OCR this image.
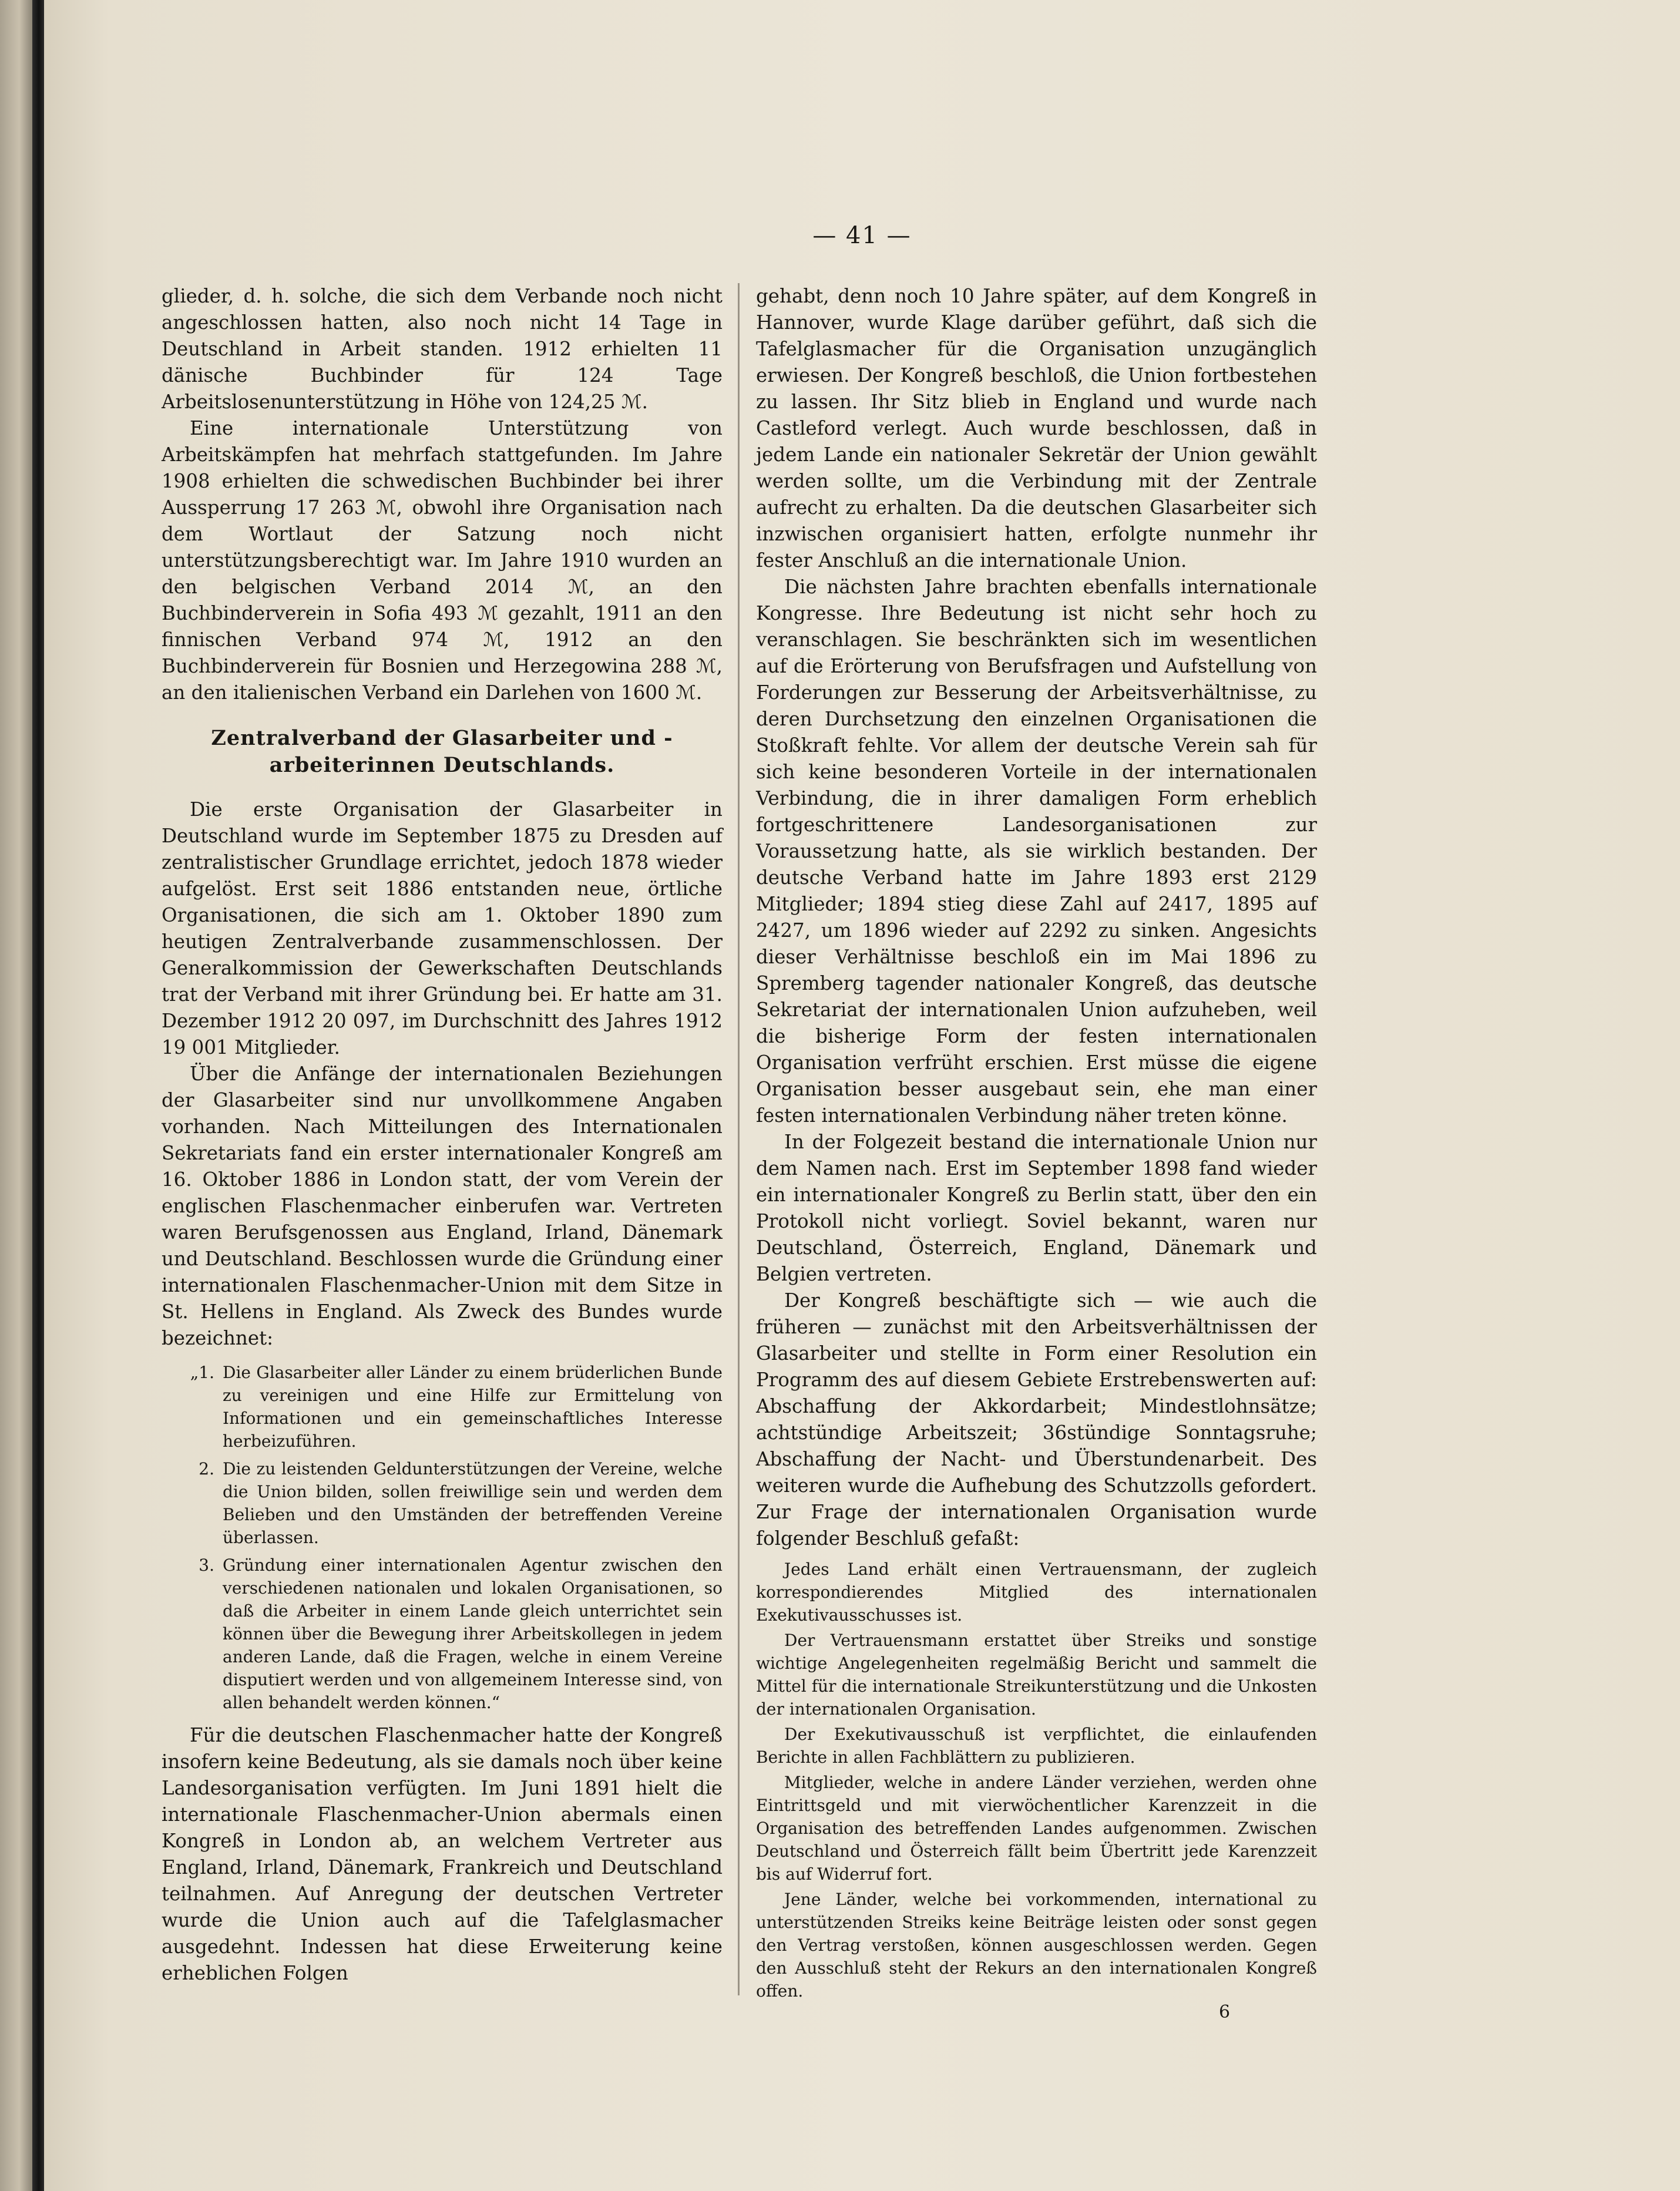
— 41 —

glieder, d. h. solche, die sich dem Verbande noch nicht angeschlossen hatten, also noch nicht 14 Tage in Deutschland in Arbeit standen. 1912 erhielten 11 dänische Buchbinder für 124 Tage Arbeitslosenunterstützung in Höhe von 124,25 ℳ.

Eine internationale Unterstützung von Arbeitskämpfen hat mehrfach stattgefunden. Im Jahre 1908 erhielten die schwedischen Buchbinder bei ihrer Aussperrung 17 263 ℳ, obwohl ihre Organisation nach dem Wortlaut der Satzung noch nicht unterstützungsberechtigt war. Im Jahre 1910 wurden an den belgischen Verband 2014 ℳ, an den Buchbinderverein in Sofia 493 ℳ gezahlt, 1911 an den finnischen Verband 974 ℳ, 1912 an den Buchbinderverein für Bosnien und Herzegowina 288 ℳ, an den italienischen Verband ein Darlehen von 1600 ℳ.

Zentralverband der Glasarbeiter und -arbeiterinnen Deutschlands.

Die erste Organisation der Glasarbeiter in Deutschland wurde im September 1875 zu Dresden auf zentralistischer Grundlage errichtet, jedoch 1878 wieder aufgelöst. Erst seit 1886 entstanden neue, örtliche Organisationen, die sich am 1. Oktober 1890 zum heutigen Zentralverbande zusammenschlossen. Der Generalkommission der Gewerkschaften Deutschlands trat der Verband mit ihrer Gründung bei. Er hatte am 31. Dezember 1912 20 097, im Durchschnitt des Jahres 1912 19 001 Mitglieder.

Über die Anfänge der internationalen Beziehungen der Glasarbeiter sind nur unvollkommene Angaben vorhanden. Nach Mitteilungen des Internationalen Sekretariats fand ein erster internationaler Kongreß am 16. Oktober 1886 in London statt, der vom Verein der englischen Flaschenmacher einberufen war. Vertreten waren Berufsgenossen aus England, Irland, Dänemark und Deutschland. Beschlossen wurde die Gründung einer internationalen Flaschenmacher-Union mit dem Sitze in St. Hellens in England. Als Zweck des Bundes wurde bezeichnet:

„1. Die Glasarbeiter aller Länder zu einem brüderlichen Bunde zu vereinigen und eine Hilfe zur Ermittelung von Informationen und ein gemeinschaftliches Interesse herbeizuführen.
2. Die zu leistenden Geldunterstützungen der Vereine, welche die Union bilden, sollen freiwillige sein und werden dem Belieben und den Umständen der betreffenden Vereine überlassen.
3. Gründung einer internationalen Agentur zwischen den verschiedenen nationalen und lokalen Organisationen, so daß die Arbeiter in einem Lande gleich unterrichtet sein können über die Bewegung ihrer Arbeitskollegen in jedem anderen Lande, daß die Fragen, welche in einem Vereine disputiert werden und von allgemeinem Interesse sind, von allen behandelt werden können.“

Für die deutschen Flaschenmacher hatte der Kongreß insofern keine Bedeutung, als sie damals noch über keine Landesorganisation verfügten. Im Juni 1891 hielt die internationale Flaschenmacher-Union abermals einen Kongreß in London ab, an welchem Vertreter aus England, Irland, Dänemark, Frankreich und Deutschland teilnahmen. Auf Anregung der deutschen Vertreter wurde die Union auch auf die Tafelglasmacher ausgedehnt. Indessen hat diese Erweiterung keine erheblichen Folgen

gehabt, denn noch 10 Jahre später, auf dem Kongreß in Hannover, wurde Klage darüber geführt, daß sich die Tafelglasmacher für die Organisation unzugänglich erwiesen. Der Kongreß beschloß, die Union fortbestehen zu lassen. Ihr Sitz blieb in England und wurde nach Castleford verlegt. Auch wurde beschlossen, daß in jedem Lande ein nationaler Sekretär der Union gewählt werden sollte, um die Verbindung mit der Zentrale aufrecht zu erhalten. Da die deutschen Glasarbeiter sich inzwischen organisiert hatten, erfolgte nunmehr ihr fester Anschluß an die internationale Union.

Die nächsten Jahre brachten ebenfalls internationale Kongresse. Ihre Bedeutung ist nicht sehr hoch zu veranschlagen. Sie beschränkten sich im wesentlichen auf die Erörterung von Berufsfragen und Aufstellung von Forderungen zur Besserung der Arbeitsverhältnisse, zu deren Durchsetzung den einzelnen Organisationen die Stoßkraft fehlte. Vor allem der deutsche Verein sah für sich keine besonderen Vorteile in der internationalen Verbindung, die in ihrer damaligen Form erheblich fortgeschrittenere Landesorganisationen zur Voraussetzung hatte, als sie wirklich bestanden. Der deutsche Verband hatte im Jahre 1893 erst 2129 Mitglieder; 1894 stieg diese Zahl auf 2417, 1895 auf 2427, um 1896 wieder auf 2292 zu sinken. Angesichts dieser Verhältnisse beschloß ein im Mai 1896 zu Spremberg tagender nationaler Kongreß, das deutsche Sekretariat der internationalen Union aufzuheben, weil die bisherige Form der festen internationalen Organisation verfrüht erschien. Erst müsse die eigene Organisation besser ausgebaut sein, ehe man einer festen internationalen Verbindung näher treten könne.

In der Folgezeit bestand die internationale Union nur dem Namen nach. Erst im September 1898 fand wieder ein internationaler Kongreß zu Berlin statt, über den ein Protokoll nicht vorliegt. Soviel bekannt, waren nur Deutschland, Österreich, England, Dänemark und Belgien vertreten.

Der Kongreß beschäftigte sich — wie auch die früheren — zunächst mit den Arbeitsverhältnissen der Glasarbeiter und stellte in Form einer Resolution ein Programm des auf diesem Gebiete Erstrebenswerten auf: Abschaffung der Akkordarbeit; Mindestlohnsätze; achtstündige Arbeitszeit; 36stündige Sonntagsruhe; Abschaffung der Nacht- und Überstundenarbeit. Des weiteren wurde die Aufhebung des Schutzzolls gefordert. Zur Frage der internationalen Organisation wurde folgender Beschluß gefaßt:

Jedes Land erhält einen Vertrauensmann, der zugleich korrespondierendes Mitglied des internationalen Exekutivausschusses ist.

Der Vertrauensmann erstattet über Streiks und sonstige wichtige Angelegenheiten regelmäßig Bericht und sammelt die Mittel für die internationale Streikunterstützung und die Unkosten der internationalen Organisation.

Der Exekutivausschuß ist verpflichtet, die einlaufenden Berichte in allen Fachblättern zu publizieren.

Mitglieder, welche in andere Länder verziehen, werden ohne Eintrittsgeld und mit vierwöchentlicher Karenzzeit in die Organisation des betreffenden Landes aufgenommen. Zwischen Deutschland und Österreich fällt beim Übertritt jede Karenzzeit bis auf Widerruf fort.

Jene Länder, welche bei vorkommenden, international zu unterstützenden Streiks keine Beiträge leisten oder sonst gegen den Vertrag verstoßen, können ausgeschlossen werden. Gegen den Ausschluß steht der Rekurs an den internationalen Kongreß offen.

6
